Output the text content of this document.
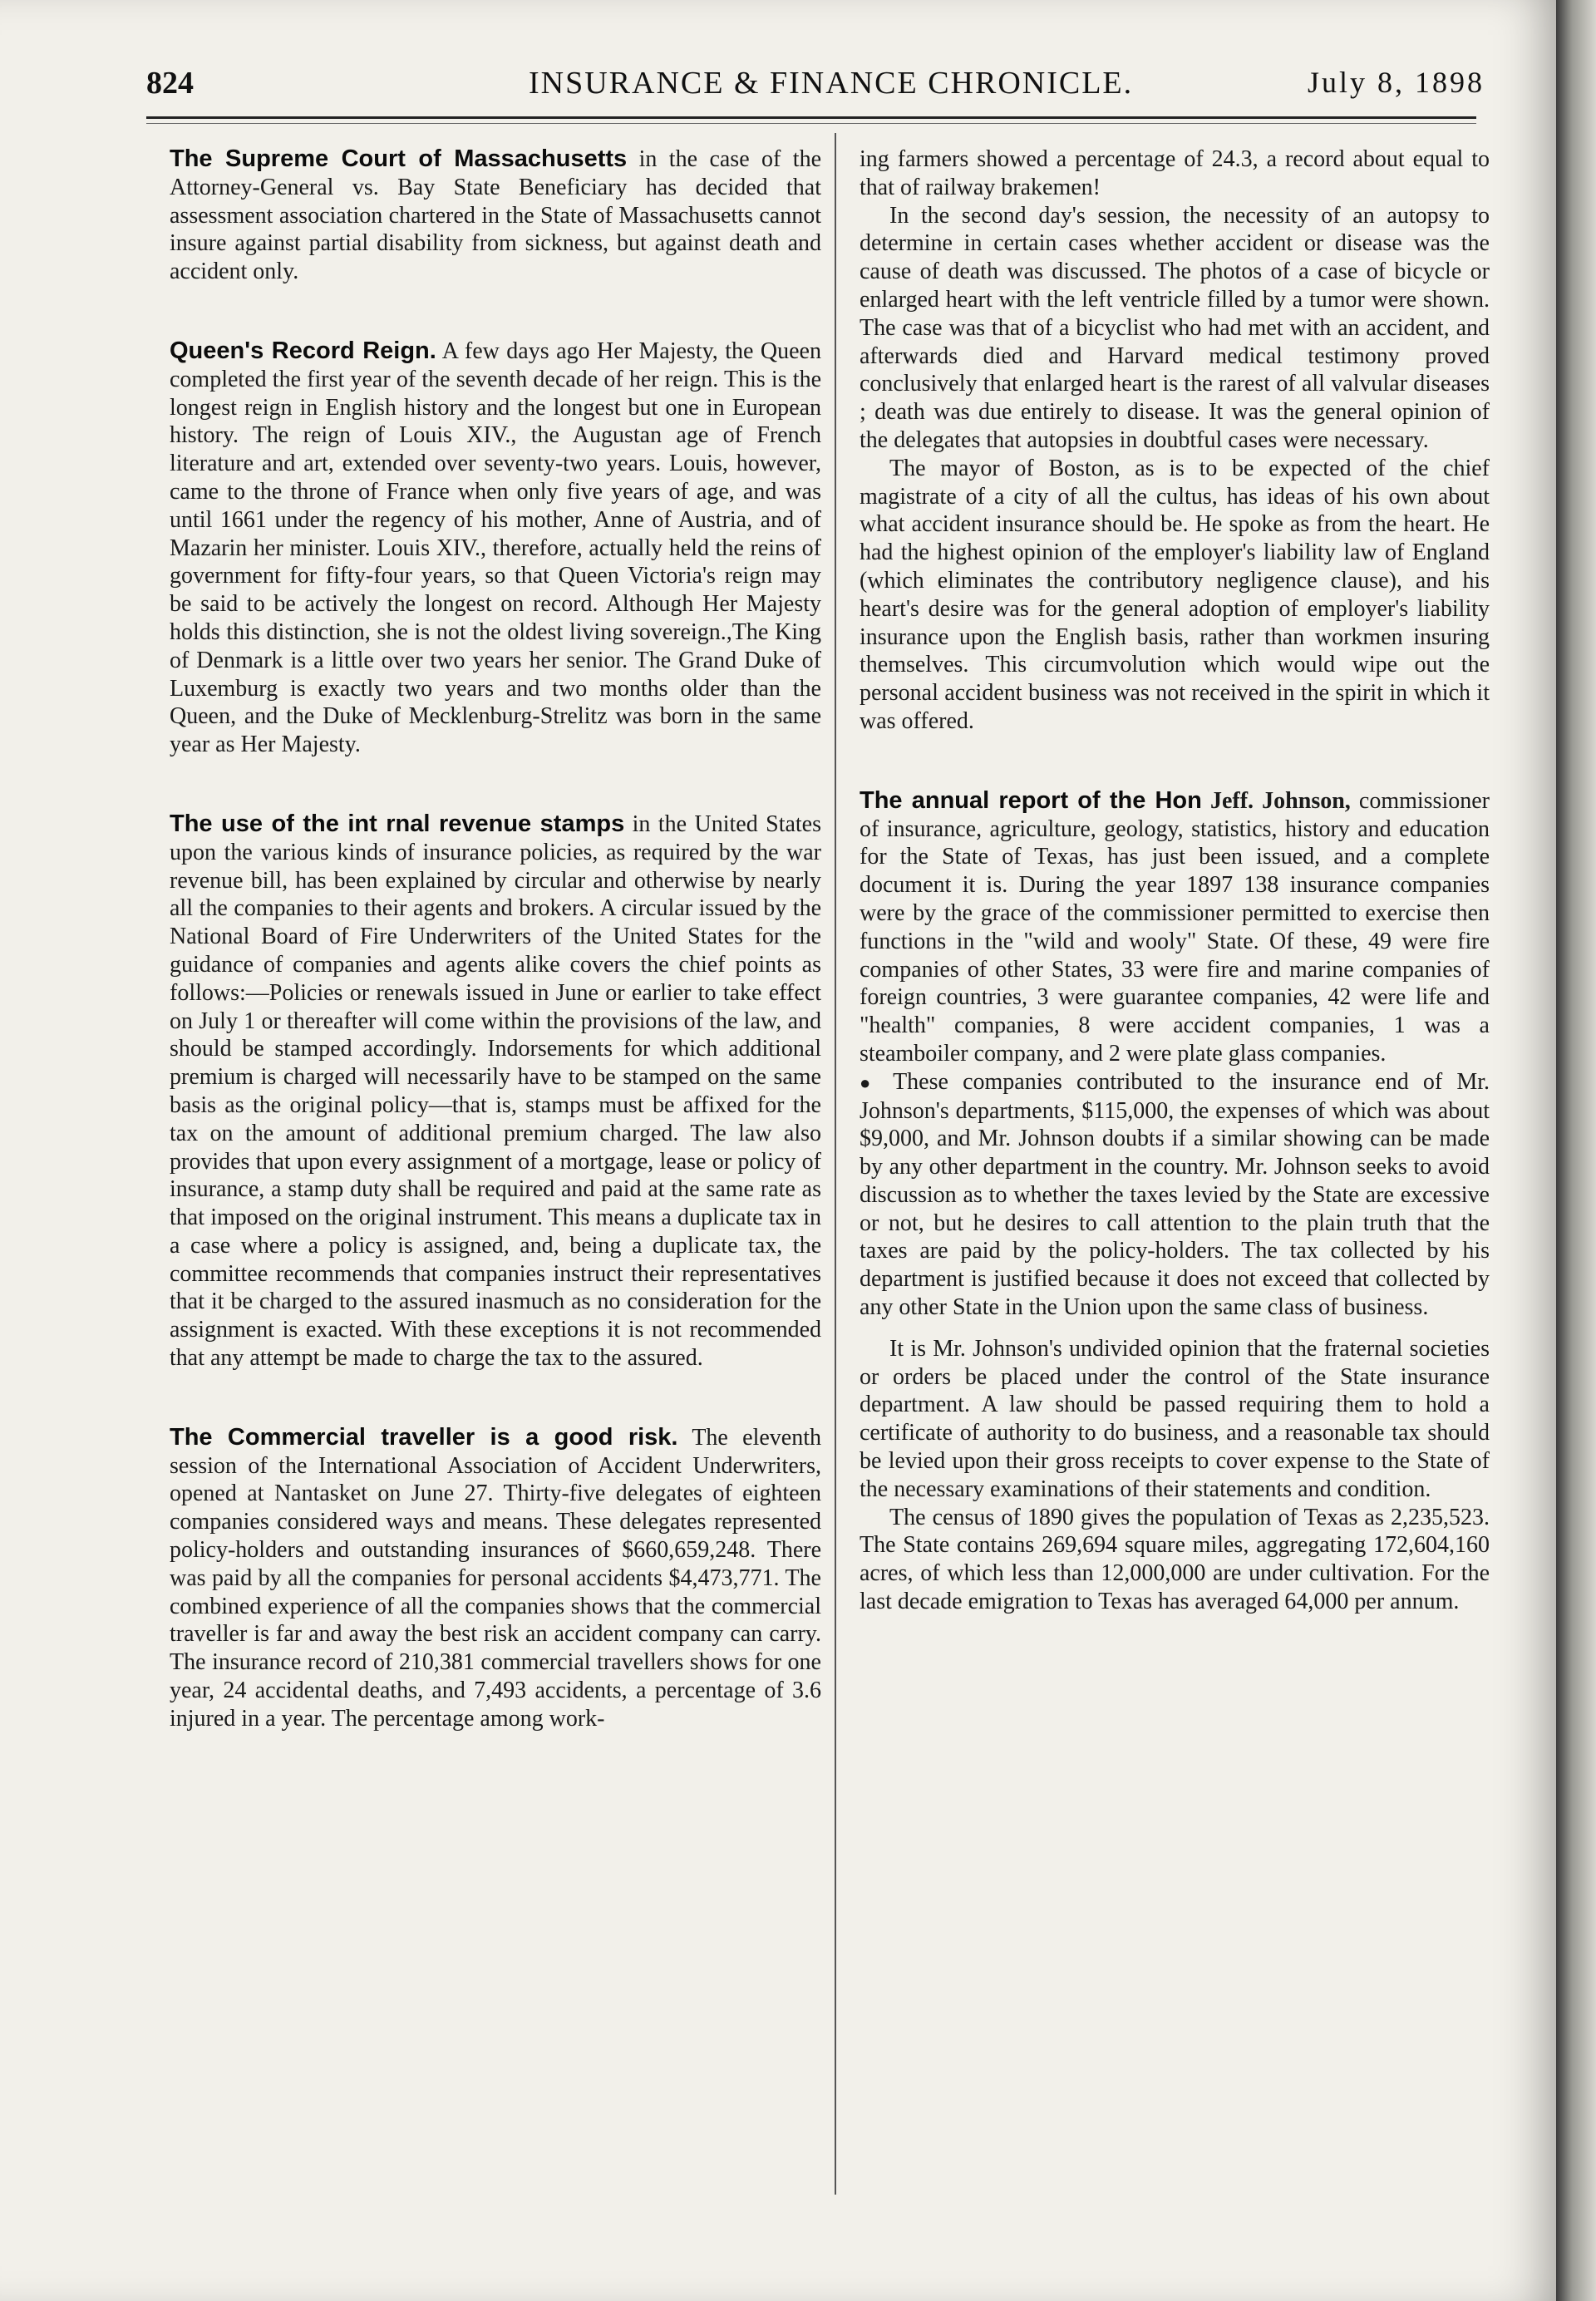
824	INSURANCE & FINANCE CHRONICLE.	July 8, 1898

The Supreme Court of Massachusetts in the case of the Attorney-General vs. Bay State Beneficiary has decided that assessment association chartered in the State of Massachusetts cannot insure against partial disability from sickness, but against death and accident only.

Queen's Record Reign. A few days ago Her Majesty, the Queen completed the first year of the seventh decade of her reign. This is the longest reign in English history and the longest but one in European history. The reign of Louis XIV., the Augustan age of French literature and art, extended over seventy-two years. Louis, however, came to the throne of France when only five years of age, and was until 1661 under the regency of his mother, Anne of Austria, and of Mazarin her minister. Louis XIV., therefore, actually held the reins of government for fifty-four years, so that Queen Victoria's reign may be said to be actively the longest on record. Although Her Majesty holds this distinction, she is not the oldest living sovereign.,The King of Denmark is a little over two years her senior. The Grand Duke of Luxemburg is exactly two years and two months older than the Queen, and the Duke of Mecklenburg-Strelitz was born in the same year as Her Majesty.

The use of the int rnal revenue stamps in the United States upon the various kinds of insurance policies, as required by the war revenue bill, has been explained by circular and otherwise by nearly all the companies to their agents and brokers. A circular issued by the National Board of Fire Underwriters of the United States for the guidance of companies and agents alike covers the chief points as follows:—Policies or renewals issued in June or earlier to take effect on July 1 or thereafter will come within the provisions of the law, and should be stamped accordingly. Indorsements for which additional premium is charged will necessarily have to be stamped on the same basis as the original policy—that is, stamps must be affixed for the tax on the amount of additional premium charged. The law also provides that upon every assignment of a mortgage, lease or policy of insurance, a stamp duty shall be required and paid at the same rate as that imposed on the original instrument. This means a duplicate tax in a case where a policy is assigned, and, being a duplicate tax, the committee recommends that companies instruct their representatives that it be charged to the assured inasmuch as no consideration for the assignment is exacted. With these exceptions it is not recommended that any attempt be made to charge the tax to the assured.

The Commercial traveller is a good risk. The eleventh session of the International Association of Accident Underwriters, opened at Nantasket on June 27. Thirty-five delegates of eighteen companies considered ways and means. These delegates represented policy-holders and outstanding insurances of $660,659,248. There was paid by all the companies for personal accidents $4,473,771. The combined experience of all the companies shows that the commercial traveller is far and away the best risk an accident company can carry. The insurance record of 210,381 commercial travellers shows for one year, 24 accidental deaths, and 7,493 accidents, a percentage of 3.6 injured in a year. The percentage among work-

ing farmers showed a percentage of 24.3, a record about equal to that of railway brakemen!

In the second day's session, the necessity of an autopsy to determine in certain cases whether accident or disease was the cause of death was discussed. The photos of a case of bicycle or enlarged heart with the left ventricle filled by a tumor were shown. The case was that of a bicyclist who had met with an accident, and afterwards died and Harvard medical testimony proved conclusively that enlarged heart is the rarest of all valvular diseases ; death was due entirely to disease. It was the general opinion of the delegates that autopsies in doubtful cases were necessary.

The mayor of Boston, as is to be expected of the chief magistrate of a city of all the cultus, has ideas of his own about what accident insurance should be. He spoke as from the heart. He had the highest opinion of the employer's liability law of England (which eliminates the contributory negligence clause), and his heart's desire was for the general adoption of employer's liability insurance upon the English basis, rather than workmen insuring themselves. This circumvolution which would wipe out the personal accident business was not received in the spirit in which it was offered.

The annual report of the Hon Jeff. Johnson, commissioner of insurance, agriculture, geology, statistics, history and education for the State of Texas, has just been issued, and a complete document it is. During the year 1897 138 insurance companies were by the grace of the commissioner permitted to exercise then functions in the "wild and wooly" State. Of these, 49 were fire companies of other States, 33 were fire and marine companies of foreign countries, 3 were guarantee companies, 42 were life and "health" companies, 8 were accident companies, 1 was a steamboiler company, and 2 were plate glass companies.

● These companies contributed to the insurance end of Mr. Johnson's departments, $115,000, the expenses of which was about $9,000, and Mr. Johnson doubts if a similar showing can be made by any other department in the country. Mr. Johnson seeks to avoid discussion as to whether the taxes levied by the State are excessive or not, but he desires to call attention to the plain truth that the taxes are paid by the policy-holders. The tax collected by his department is justified because it does not exceed that collected by any other State in the Union upon the same class of business.

It is Mr. Johnson's undivided opinion that the fraternal societies or orders be placed under the control of the State insurance department. A law should be passed requiring them to hold a certificate of authority to do business, and a reasonable tax should be levied upon their gross receipts to cover expense to the State of the necessary examinations of their statements and condition.

The census of 1890 gives the population of Texas as 2,235,523. The State contains 269,694 square miles, aggregating 172,604,160 acres, of which less than 12,000,000 are under cultivation. For the last decade emigration to Texas has averaged 64,000 per annum.
